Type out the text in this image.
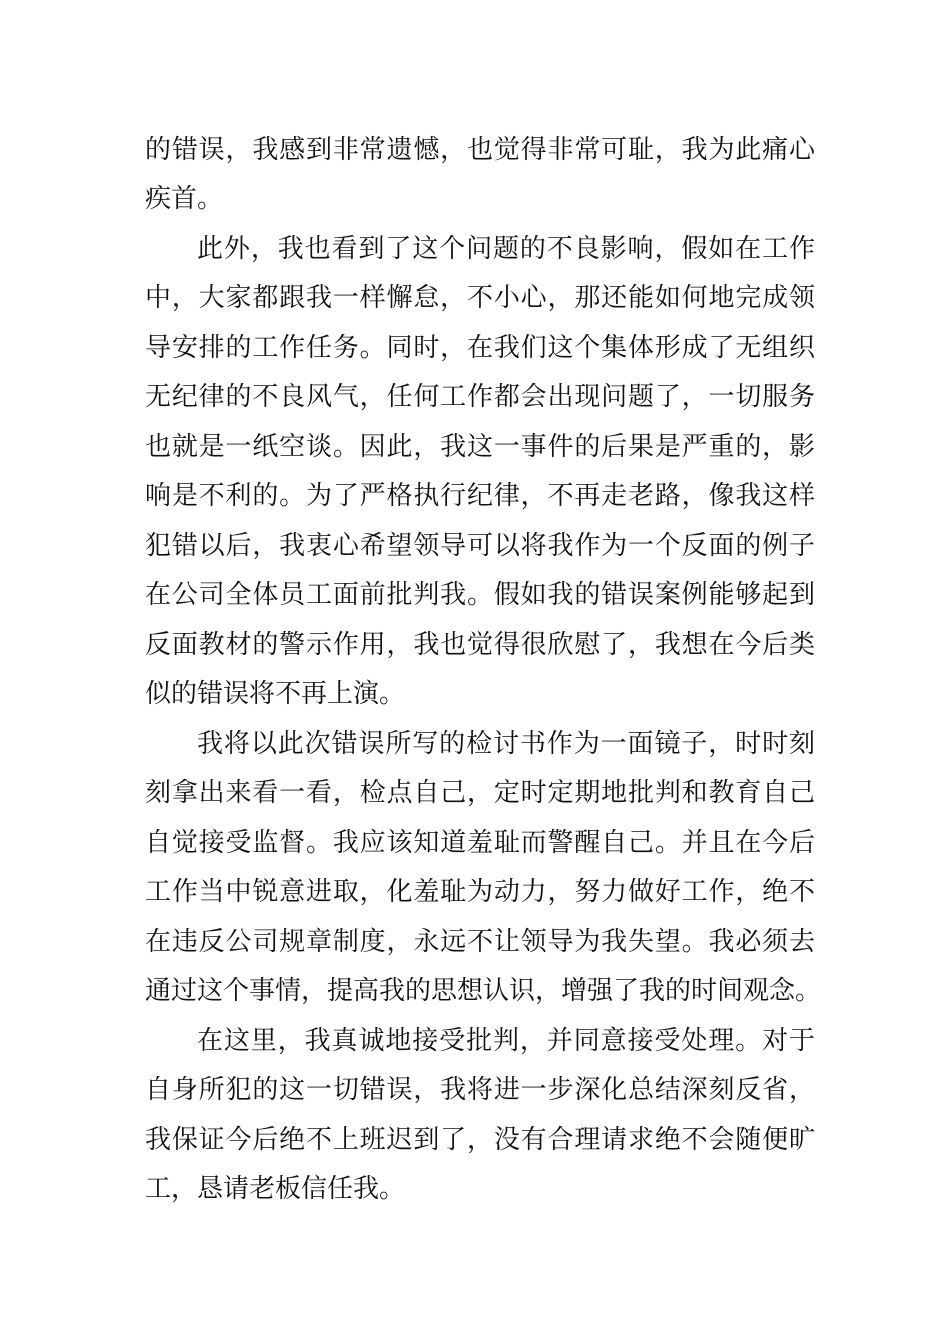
的错误，我感到非常遗憾，也觉得非常可耻，我为此痛心
疾首。
此外，我也看到了这个问题的不良影响，假如在工作
中，大家都跟我一样懈怠，不小心，那还能如何地完成领
导安排的工作任务。同时，在我们这个集体形成了无组织
无纪律的不良风气，任何工作都会出现问题了，一切服务
也就是一纸空谈。因此，我这一事件的后果是严重的，影
响是不利的。为了严格执行纪律，不再走老路，像我这样
犯错以后，我衷心希望领导可以将我作为一个反面的例子
在公司全体员工面前批判我。假如我的错误案例能够起到
反面教材的警示作用，我也觉得很欣慰了，我想在今后类
似的错误将不再上演。
我将以此次错误所写的检讨书作为一面镜子，时时刻
刻拿出来看一看，检点自己，定时定期地批判和教育自己
自觉接受监督。我应该知道羞耻而警醒自己。并且在今后
工作当中锐意进取，化羞耻为动力，努力做好工作，绝不
在违反公司规章制度，永远不让领导为我失望。我必须去
通过这个事情，提高我的思想认识，增强了我的时间观念。
在这里，我真诚地接受批判，并同意接受处理。对于
自身所犯的这一切错误，我将进一步深化总结深刻反省，
我保证今后绝不上班迟到了，没有合理请求绝不会随便旷
工，恳请老板信任我。
